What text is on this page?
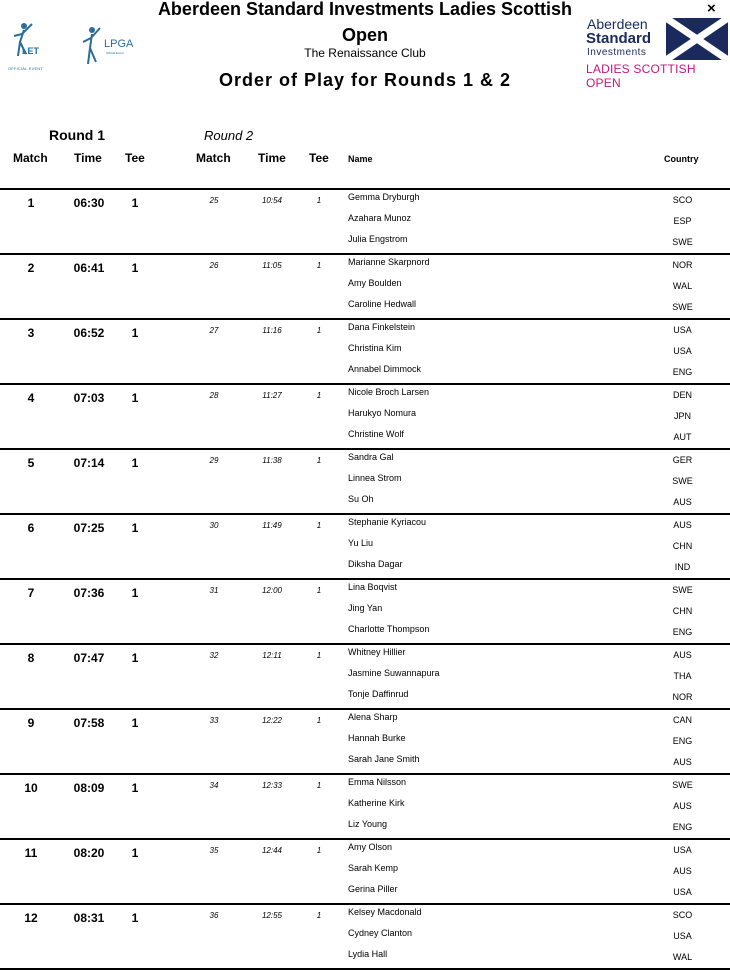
LET
OFFICIAL EVENT
LPGA
Official Event
Aberdeen Standard Investments Ladies Scottish Open
The Renaissance Club
Order of Play for Rounds 1 & 2
×
Aberdeen
Standard
Investments
LADIES SCOTTISH OPEN
Round 1	Round 2
Match Time Tee	Match Time Tee Name	Country
1	06:30	1	25	10:54	1	Gemma Dryburgh	SCO
Azahara Munoz	ESP
Julia Engstrom	SWE
2	06:41	1	26	11:05	1	Marianne Skarpnord	NOR
Amy Boulden	WAL
Caroline Hedwall	SWE
3	06:52	1	27	11:16	1	Dana Finkelstein	USA
Christina Kim	USA
Annabel Dimmock	ENG
4	07:03	1	28	11:27	1	Nicole Broch Larsen	DEN
Harukyo Nomura	JPN
Christine Wolf	AUT
5	07:14	1	29	11:38	1	Sandra Gal	GER
Linnea Strom	SWE
Su Oh	AUS
6	07:25	1	30	11:49	1	Stephanie Kyriacou	AUS
Yu Liu	CHN
Diksha Dagar	IND
7	07:36	1	31	12:00	1	Lina Boqvist	SWE
Jing Yan	CHN
Charlotte Thompson	ENG
8	07:47	1	32	12:11	1	Whitney Hillier	AUS
Jasmine Suwannapura	THA
Tonje Daffinrud	NOR
9	07:58	1	33	12:22	1	Alena Sharp	CAN
Hannah Burke	ENG
Sarah Jane Smith	AUS
10	08:09	1	34	12:33	1	Emma Nilsson	SWE
Katherine Kirk	AUS
Liz Young	ENG
11	08:20	1	35	12:44	1	Amy Olson	USA
Sarah Kemp	AUS
Gerina Piller	USA
12	08:31	1	36	12:55	1	Kelsey Macdonald	SCO
Cydney Clanton	USA
Lydia Hall	WAL
